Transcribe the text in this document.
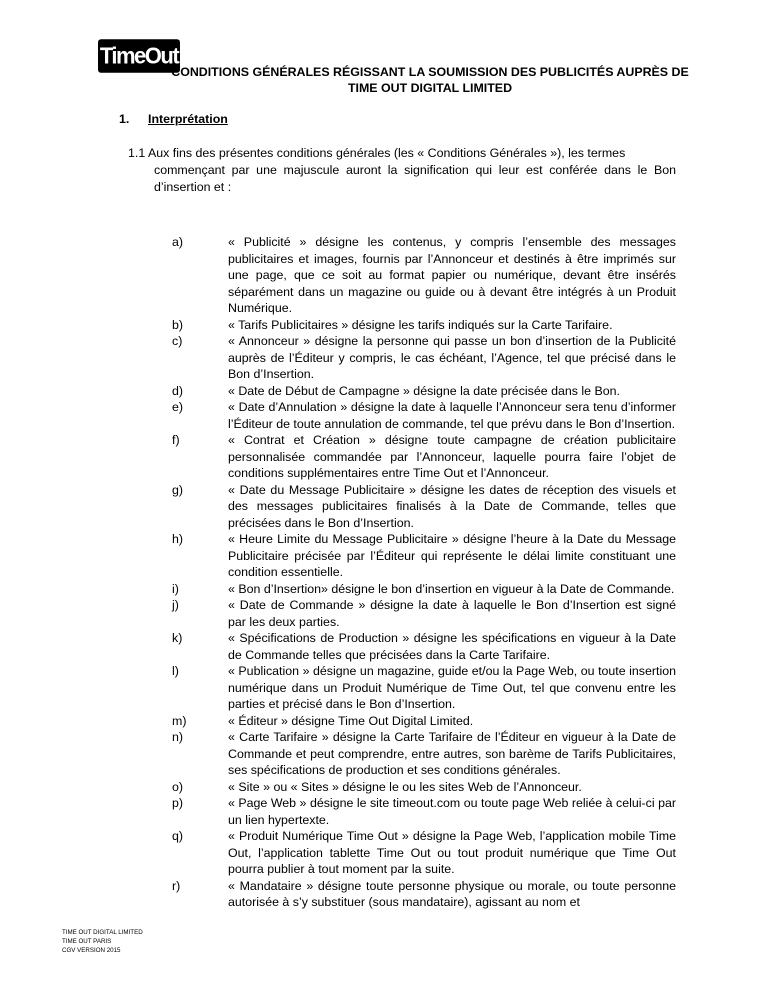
TimeOut
CONDITIONS GÉNÉRALES RÉGISSANT LA SOUMISSION DES PUBLICITÉS AUPRÈS DE
TIME OUT DIGITAL LIMITED
1. Interprétation
1.1 Aux fins des présentes conditions générales (les « Conditions Générales »), les termes
commençant par une majuscule auront la signification qui leur est conférée dans le Bon d’insertion et :
a)	« Publicité » désigne les contenus, y compris l’ensemble des messages publicitaires et images, fournis par l’Annonceur et destinés à être imprimés sur une page, que ce soit au format papier ou numérique, devant être insérés séparément dans un magazine ou guide ou à devant être intégrés à un Produit Numérique.
b)	« Tarifs Publicitaires » désigne les tarifs indiqués sur la Carte Tarifaire.
c)	« Annonceur » désigne la personne qui passe un bon d’insertion de la Publicité auprès de l’Éditeur y compris, le cas échéant, l’Agence, tel que précisé dans le Bon d’Insertion.
d)	« Date de Début de Campagne » désigne la date précisée dans le Bon.
e)	« Date d’Annulation » désigne la date à laquelle l’Annonceur sera tenu d’informer l’Éditeur de toute annulation de commande, tel que prévu dans le Bon d’Insertion.
f)	« Contrat et Création » désigne toute campagne de création publicitaire personnalisée commandée par l’Annonceur, laquelle pourra faire l’objet de conditions supplémentaires entre Time Out et l’Annonceur.
g)	« Date du Message Publicitaire » désigne les dates de réception des visuels et des messages publicitaires finalisés à la Date de Commande, telles que précisées dans le Bon d’Insertion.
h)	« Heure Limite du Message Publicitaire » désigne l’heure à la Date du Message Publicitaire précisée par l’Éditeur qui représente le délai limite constituant une condition essentielle.
i)	« Bon d’Insertion» désigne le bon d’insertion en vigueur à la Date de Commande.
j)	« Date de Commande » désigne la date à laquelle le Bon d’Insertion est signé par les deux parties.
k)	« Spécifications de Production » désigne les spécifications en vigueur à la Date de Commande telles que précisées dans la Carte Tarifaire.
l)	« Publication » désigne un magazine, guide et/ou la Page Web, ou toute insertion numérique dans un Produit Numérique de Time Out, tel que convenu entre les parties et précisé dans le Bon d’Insertion.
m)	« Éditeur » désigne Time Out Digital Limited.
n)	« Carte Tarifaire » désigne la Carte Tarifaire de l’Éditeur en vigueur à la Date de Commande et peut comprendre, entre autres, son barème de Tarifs Publicitaires, ses spécifications de production et ses conditions générales.
o)	« Site » ou « Sites » désigne le ou les sites Web de l’Annonceur.
p)	« Page Web » désigne le site timeout.com ou toute page Web reliée à celui-ci par un lien hypertexte.
q)	« Produit Numérique Time Out » désigne la Page Web, l’application mobile Time Out, l’application tablette Time Out ou tout produit numérique que Time Out pourra publier à tout moment par la suite.
r)	« Mandataire » désigne toute personne physique ou morale, ou toute personne autorisée à s’y substituer (sous mandataire), agissant au nom et
TIME OUT DIGITAL LIMITED
TIME OUT PARIS
CGV VERSION 2015
